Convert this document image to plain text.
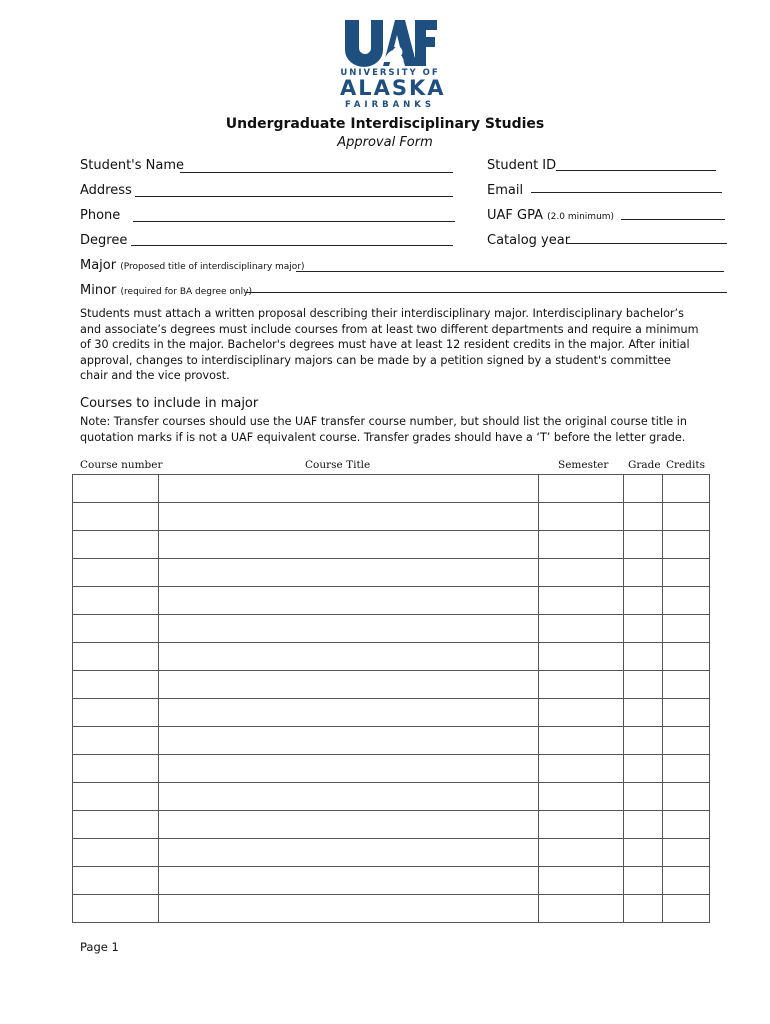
UNIVERSITY OF
ALASKA
FAIRBANKS
Undergraduate Interdisciplinary Studies
Approval Form
Student's Name	Student ID
Address	Email
Phone	UAF GPA (2.0 minimum)
Degree	Catalog year
Major (Proposed title of interdisciplinary major)
Minor (required for BA degree only)
Students must attach a written proposal describing their interdisciplinary major. Interdisciplinary bachelor’s and associate’s degrees must include courses from at least two different departments and require a minimum of 30 credits in the major. Bachelor's degrees must have at least 12 resident credits in the major. After initial approval, changes to interdisciplinary majors can be made by a petition signed by a student's committee chair and the vice provost.
Courses to include in major
Note: Transfer courses should use the UAF transfer course number, but should list the original course title in quotation marks if is not a UAF equivalent course. Transfer grades should have a ‘T’ before the letter grade.
Course number	Course Title	Semester Grade Credits

Page 1
